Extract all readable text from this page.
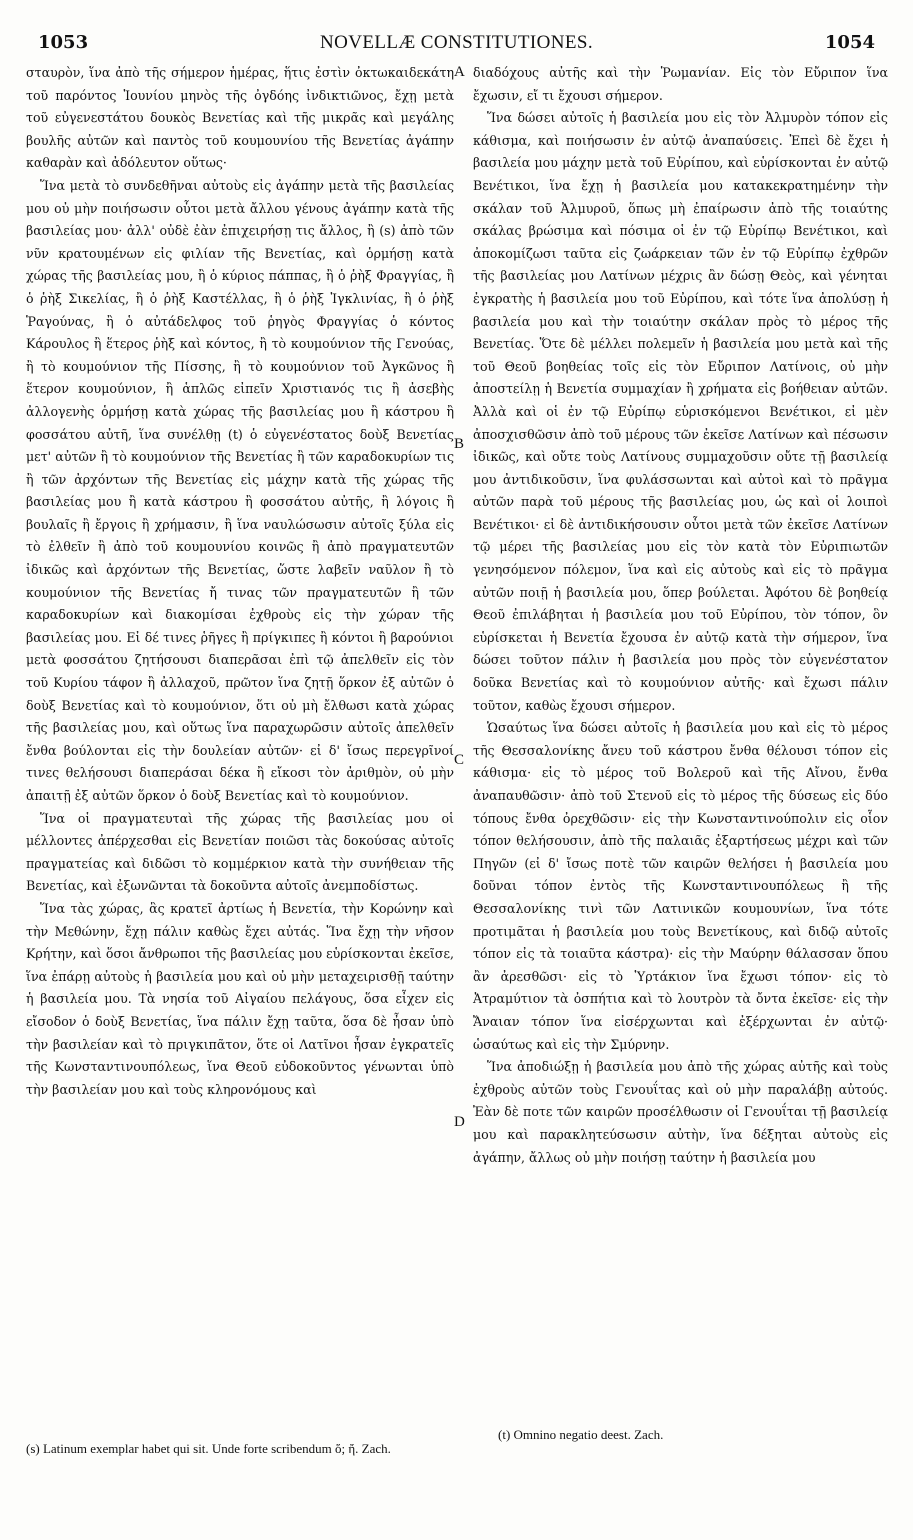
1053	NOVELLÆ CONSTITUTIONES.	1054

σταυρὸν, ἵνα ἀπὸ τῆς σήμερον ἡμέρας, ἥτις ἐστὶν ὀκτωκαιδεκάτη τοῦ παρόντος Ἰουνίου μηνὸς τῆς ὀγδόης ἰνδικτιῶνος, ἔχῃ μετὰ τοῦ εὐγενεστάτου δουκὸς Βενετίας καὶ τῆς μικρᾶς καὶ μεγάλης βουλῆς αὐτῶν καὶ παντὸς τοῦ κουμουνίου τῆς Βενετίας ἀγάπην καθαρὰν καὶ ἀδόλευτον οὕτως·

Ἵνα μετὰ τὸ συνδεθῆναι αὐτοὺς εἰς ἀγάπην μετὰ τῆς βασιλείας μου οὐ μὴν ποιήσωσιν οὗτοι μετὰ ἄλλου γένους ἀγάπην κατὰ τῆς βασιλείας μου· ἀλλ' οὐδὲ ἐὰν ἐπιχειρήσῃ τις ἄλλος, ἢ (s) ἀπὸ τῶν νῦν κρατουμένων εἰς φιλίαν τῆς Βενετίας, καὶ ὁρμήσῃ κατὰ χώρας τῆς βασιλείας μου, ἢ ὁ κύριος πάππας, ἢ ὁ ῥὴξ Φραγγίας, ἢ ὁ ῥὴξ Σικελίας, ἢ ὁ ῥὴξ Καστέλλας, ἢ ὁ ῥὴξ Ἰγκλινίας, ἢ ὁ ῥὴξ Ῥαγούνας, ἢ ὁ αὐτάδελφος τοῦ ῥηγὸς Φραγγίας ὁ κόντος Κάρουλος ἢ ἕτερος ῥὴξ καὶ κόντος, ἢ τὸ κουμούνιον τῆς Γενούας, ἢ τὸ κουμούνιον τῆς Πίσσης, ἢ τὸ κουμούνιον τοῦ Ἀγκῶνος ἢ ἕτερον κουμούνιον, ἢ ἁπλῶς εἰπεῖν Χριστιανός τις ἢ ἀσεβὴς ἀλλογενὴς ὁρμήσῃ κατὰ χώρας τῆς βασιλείας μου ἢ κάστρου ἢ φοσσάτου αὐτῆ, ἵνα συνέλθῃ (t) ὁ εὐγενέστατος δοὺξ Βενετίας μετ' αὐτῶν ἢ τὸ κουμούνιον τῆς Βενετίας ἢ τῶν καραδοκυρίων τις ἢ τῶν ἀρχόντων τῆς Βενετίας εἰς μάχην κατὰ τῆς χώρας τῆς βασιλείας μου ἢ κατὰ κάστρου ἢ φοσσάτου αὐτῆς, ἢ λόγοις ἢ βουλαῖς ἢ ἔργοις ἢ χρήμασιν, ἢ ἵνα ναυλώσωσιν αὐτοῖς ξύλα εἰς τὸ ἐλθεῖν ἢ ἀπὸ τοῦ κουμουνίου κοινῶς ἢ ἀπὸ πραγματευτῶν ἰδικῶς καὶ ἀρχόντων τῆς Βενετίας, ὥστε λαβεῖν ναῦλον ἢ τὸ κουμούνιον τῆς Βενετίας ἤ τινας τῶν πραγματευτῶν ἢ τῶν καραδοκυρίων καὶ διακομίσαι ἐχθροὺς εἰς τὴν χώραν τῆς βασιλείας μου. Εἰ δέ τινες ῥῆγες ἢ πρίγκιπες ἢ κόντοι ἢ βαρούνιοι μετὰ φοσσάτου ζητήσουσι διαπερᾶσαι ἐπὶ τῷ ἀπελθεῖν εἰς τὸν τοῦ Κυρίου τάφον ἢ ἀλλαχοῦ, πρῶτον ἵνα ζητῇ ὅρκον ἐξ αὐτῶν ὁ δοὺξ Βενετίας καὶ τὸ κουμούνιον, ὅτι οὐ μὴ ἔλθωσι κατὰ χώρας τῆς βασιλείας μου, καὶ οὕτως ἵνα παραχωρῶσιν αὐτοῖς ἀπελθεῖν ἔνθα βούλονται εἰς τὴν δουλείαν αὐτῶν· εἰ δ' ἴσως περεγρῖνοί τινες θελήσουσι διαπεράσαι δέκα ἢ εἴκοσι τὸν ἀριθμὸν, οὐ μὴν ἀπαιτῇ ἐξ αὐτῶν ὅρκον ὁ δοὺξ Βενετίας καὶ τὸ κουμούνιον.

Ἵνα οἱ πραγματευταὶ τῆς χώρας τῆς βασιλείας μου οἱ μέλλοντες ἀπέρχεσθαι εἰς Βενετίαν ποιῶσι τὰς δοκούσας αὐτοῖς πραγματείας καὶ διδῶσι τὸ κομμέρκιον κατὰ τὴν συνήθειαν τῆς Βενετίας, καὶ ἐξωνῶνται τὰ δοκοῦντα αὐτοῖς ἀνεμποδίστως.

Ἵνα τὰς χώρας, ἃς κρατεῖ ἀρτίως ἡ Βενετία, τὴν Κορώνην καὶ τὴν Μεθώνην, ἔχῃ πάλιν καθὼς ἔχει αὐτάς. Ἵνα ἔχῃ τὴν νῆσον Κρήτην, καὶ ὅσοι ἄνθρωποι τῆς βασιλείας μου εὑρίσκονται ἐκεῖσε, ἵνα ἐπάρῃ αὐτοὺς ἡ βασιλεία μου καὶ οὐ μὴν μεταχειρισθῇ ταύτην ἡ βασιλεία μου. Τὰ νησία τοῦ Αἰγαίου πελάγους, ὅσα εἶχεν εἰς εἴσοδον ὁ δοὺξ Βενετίας, ἵνα πάλιν ἔχῃ ταῦτα, ὅσα δὲ ἦσαν ὑπὸ τὴν βασιλείαν καὶ τὸ πριγκιπᾶτον, ὅτε οἱ Λατῖνοι ἦσαν ἐγκρατεῖς τῆς Κωνσταντινουπόλεως, ἵνα Θεοῦ εὐδοκοῦντος γένωνται ὑπὸ τὴν βασιλείαν μου καὶ τοὺς κληρονόμους καὶ

A
B
C
D

διαδόχους αὐτῆς καὶ τὴν Ῥωμανίαν. Εἰς τὸν Εὔριπον ἵνα ἔχωσιν, εἴ τι ἔχουσι σήμερον.

Ἵνα δώσει αὐτοῖς ἡ βασιλεία μου εἰς τὸν Ἀλμυρὸν τόπον εἰς κάθισμα, καὶ ποιήσωσιν ἐν αὐτῷ ἀναπαύσεις. Ἐπεὶ δὲ ἔχει ἡ βασιλεία μου μάχην μετὰ τοῦ Εὐρίπου, καὶ εὑρίσκονται ἐν αὐτῷ Βενέτικοι, ἵνα ἔχῃ ἡ βασιλεία μου κατακεκρατημένην τὴν σκάλαν τοῦ Ἀλμυροῦ, ὅπως μὴ ἐπαίρωσιν ἀπὸ τῆς τοιαύτης σκάλας βρώσιμα καὶ πόσιμα οἱ ἐν τῷ Εὐρίπῳ Βενέτικοι, καὶ ἀποκομίζωσι ταῦτα εἰς ζωάρκειαν τῶν ἐν τῷ Εὐρίπῳ ἐχθρῶν τῆς βασιλείας μου Λατίνων μέχρις ἂν δώσῃ Θεὸς, καὶ γένηται ἐγκρατὴς ἡ βασιλεία μου τοῦ Εὐρίπου, καὶ τότε ἵνα ἀπολύσῃ ἡ βασιλεία μου καὶ τὴν τοιαύτην σκάλαν πρὸς τὸ μέρος τῆς Βενετίας. Ὅτε δὲ μέλλει πολεμεῖν ἡ βασιλεία μου μετὰ καὶ τῆς τοῦ Θεοῦ βοηθείας τοῖς εἰς τὸν Εὔριπον Λατίνοις, οὐ μὴν ἀποστείλῃ ἡ Βενετία συμμαχίαν ἢ χρήματα εἰς βοήθειαν αὐτῶν. Ἀλλὰ καὶ οἱ ἐν τῷ Εὐρίπῳ εὑρισκόμενοι Βενέτικοι, εἰ μὲν ἀποσχισθῶσιν ἀπὸ τοῦ μέρους τῶν ἐκεῖσε Λατίνων καὶ πέσωσιν ἰδικῶς, καὶ οὔτε τοὺς Λατίνους συμμαχοῦσιν οὔτε τῇ βασιλείᾳ μου ἀντιδικοῦσιν, ἵνα φυλάσσωνται καὶ αὐτοὶ καὶ τὸ πρᾶγμα αὐτῶν παρὰ τοῦ μέρους τῆς βασιλείας μου, ὡς καὶ οἱ λοιποὶ Βενέτικοι· εἰ δὲ ἀντιδικήσουσιν οὗτοι μετὰ τῶν ἐκεῖσε Λατίνων τῷ μέρει τῆς βασιλείας μου εἰς τὸν κατὰ τὸν Εὐριπιωτῶν γενησόμενον πόλεμον, ἵνα καὶ εἰς αὐτοὺς καὶ εἰς τὸ πρᾶγμα αὐτῶν ποιῇ ἡ βασιλεία μου, ὅπερ βούλεται. Ἀφότου δὲ βοηθείᾳ Θεοῦ ἐπιλάβηται ἡ βασιλεία μου τοῦ Εὐρίπου, τὸν τόπον, ὃν εὑρίσκεται ἡ Βενετία ἔχουσα ἐν αὐτῷ κατὰ τὴν σήμερον, ἵνα δώσει τοῦτον πάλιν ἡ βασιλεία μου πρὸς τὸν εὐγενέστατον δοῦκα Βενετίας καὶ τὸ κουμούνιον αὐτῆς· καὶ ἔχωσι πάλιν τοῦτον, καθὼς ἔχουσι σήμερον.

Ὡσαύτως ἵνα δώσει αὐτοῖς ἡ βασιλεία μου καὶ εἰς τὸ μέρος τῆς Θεσσαλονίκης ἄνευ τοῦ κάστρου ἔνθα θέλουσι τόπον εἰς κάθισμα· εἰς τὸ μέρος τοῦ Βολεροῦ καὶ τῆς Αἴνου, ἔνθα ἀναπαυθῶσιν· ἀπὸ τοῦ Στενοῦ εἰς τὸ μέρος τῆς δύσεως εἰς δύο τόπους ἔνθα ὀρεχθῶσιν· εἰς τὴν Κωνσταντινούπολιν εἰς οἷον τόπον θελήσουσιν, ἀπὸ τῆς παλαιᾶς ἐξαρτήσεως μέχρι καὶ τῶν Πηγῶν (εἰ δ' ἴσως ποτὲ τῶν καιρῶν θελήσει ἡ βασιλεία μου δοῦναι τόπον ἐντὸς τῆς Κωνσταντινουπόλεως ἢ τῆς Θεσσαλονίκης τινὶ τῶν Λατινικῶν κουμουνίων, ἵνα τότε προτιμᾶται ἡ βασιλεία μου τοὺς Βενετίκους, καὶ διδῷ αὐτοῖς τόπον εἰς τὰ τοιαῦτα κάστρα)· εἰς τὴν Μαύρην θάλασσαν ὅπου ἂν ἀρεσθῶσι· εἰς τὸ Ὑρτάκιον ἵνα ἔχωσι τόπον· εἰς τὸ Ἀτραμύτιον τὰ ὀσπήτια καὶ τὸ λουτρὸν τὰ ὄντα ἐκεῖσε· εἰς τὴν Ἄναιαν τόπον ἵνα εἰσέρχωνται καὶ ἐξέρχωνται ἐν αὐτῷ· ὡσαύτως καὶ εἰς τὴν Σμύρνην.

Ἵνα ἀποδιώξῃ ἡ βασιλεία μου ἀπὸ τῆς χώρας αὐτῆς καὶ τοὺς ἐχθροὺς αὐτῶν τοὺς Γενουΐτας καὶ οὐ μὴν παραλάβῃ αὐτούς. Ἐὰν δὲ ποτε τῶν καιρῶν προσέλθωσιν οἱ Γενουΐται τῇ βασιλείᾳ μου καὶ παρακλητεύσωσιν αὐτὴν, ἵνα δέξηται αὐτοὺς εἰς ἀγάπην, ἄλλως οὐ μὴν ποιήσῃ ταύτην ἡ βασιλεία μου

(s) Latinum exemplar habet qui sit. Unde forte scribendum ὅ; ἤ. Zach.
(t) Omnino negatio deest. Zach.
